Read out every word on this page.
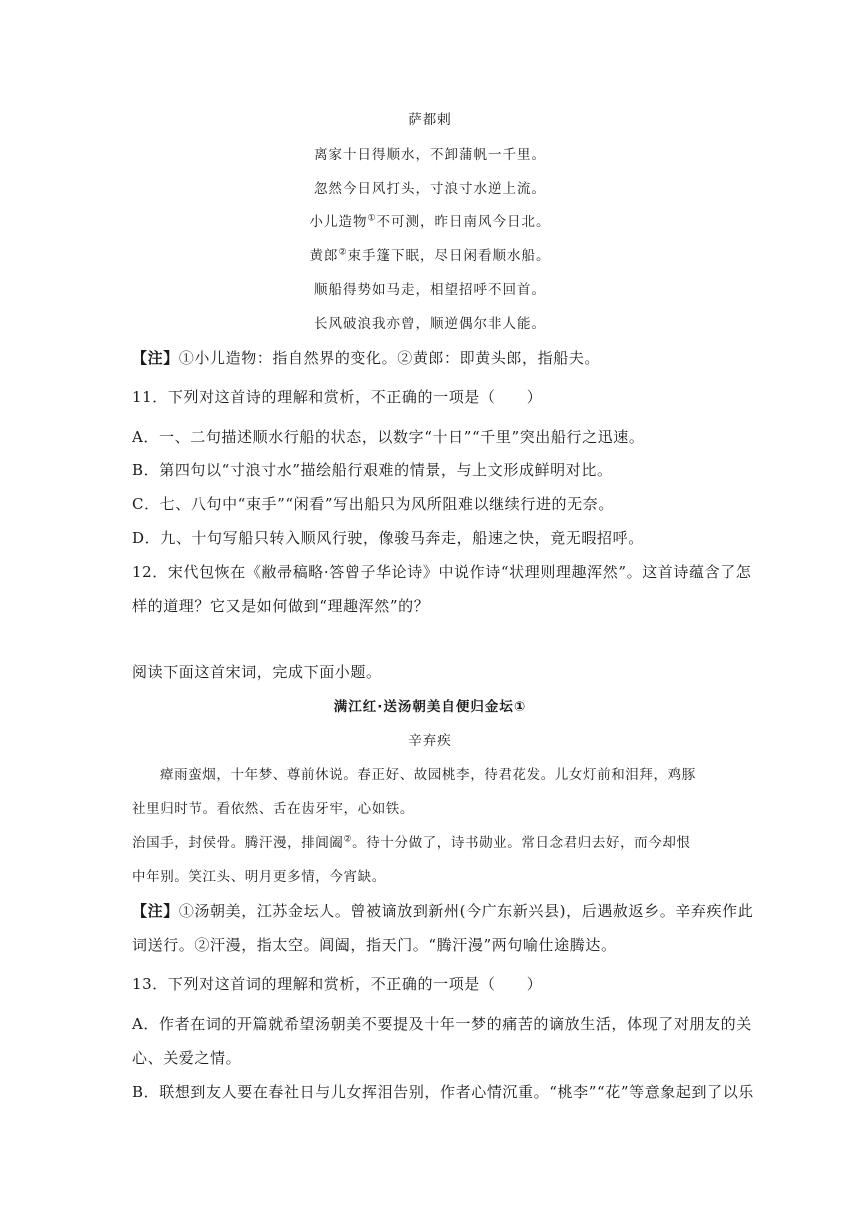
萨都剌
离家十日得顺水，不卸蒲帆一千里。
忽然今日风打头，寸浪寸水逆上流。
小儿造物①不可测，昨日南风今日北。
黄郎②束手篷下眠，尽日闲看顺水船。
顺船得势如马走，相望招呼不回首。
长风破浪我亦曾，顺逆偶尔非人能。
【注】①小儿造物：指自然界的变化。②黄郎：即黄头郎，指船夫。
11．下列对这首诗的理解和赏析，不正确的一项是（　　）
A．一、二句描述顺水行船的状态，以数字“十日”“千里”突出船行之迅速。
B．第四句以“寸浪寸水”描绘船行艰难的情景，与上文形成鲜明对比。
C．七、八句中“束手”“闲看”写出船只为风所阻难以继续行进的无奈。
D．九、十句写船只转入顺风行驶，像骏马奔走，船速之快，竟无暇招呼。
12．宋代包恢在《敝帚稿略·答曾子华论诗》中说作诗“状理则理趣浑然”。这首诗蕴含了怎
样的道理？它又是如何做到“理趣浑然”的？
阅读下面这首宋词，完成下面小题。
满江红·送汤朝美自便归金坛①
辛弃疾
瘴雨蛮烟，十年梦、尊前休说。春正好、故园桃李，待君花发。儿女灯前和泪拜，鸡豚
社里归时节。看依然、舌在齿牙牢，心如铁。
治国手，封侯骨。腾汗漫，排阊阖②。待十分做了，诗书勋业。常日念君归去好，而今却恨
中年别。笑江头、明月更多情，今宵缺。
【注】①汤朝美，江苏金坛人。曾被谪放到新州(今广东新兴县)，后遇赦返乡。辛弃疾作此
词送行。②汗漫，指太空。阊阖，指天门。“腾汗漫”两句喻仕途腾达。
13．下列对这首词的理解和赏析，不正确的一项是（　　）
A．作者在词的开篇就希望汤朝美不要提及十年一梦的痛苦的谪放生活，体现了对朋友的关
心、关爱之情。
B．联想到友人要在春社日与儿女挥泪告别，作者心情沉重。“桃李”“花”等意象起到了以乐
